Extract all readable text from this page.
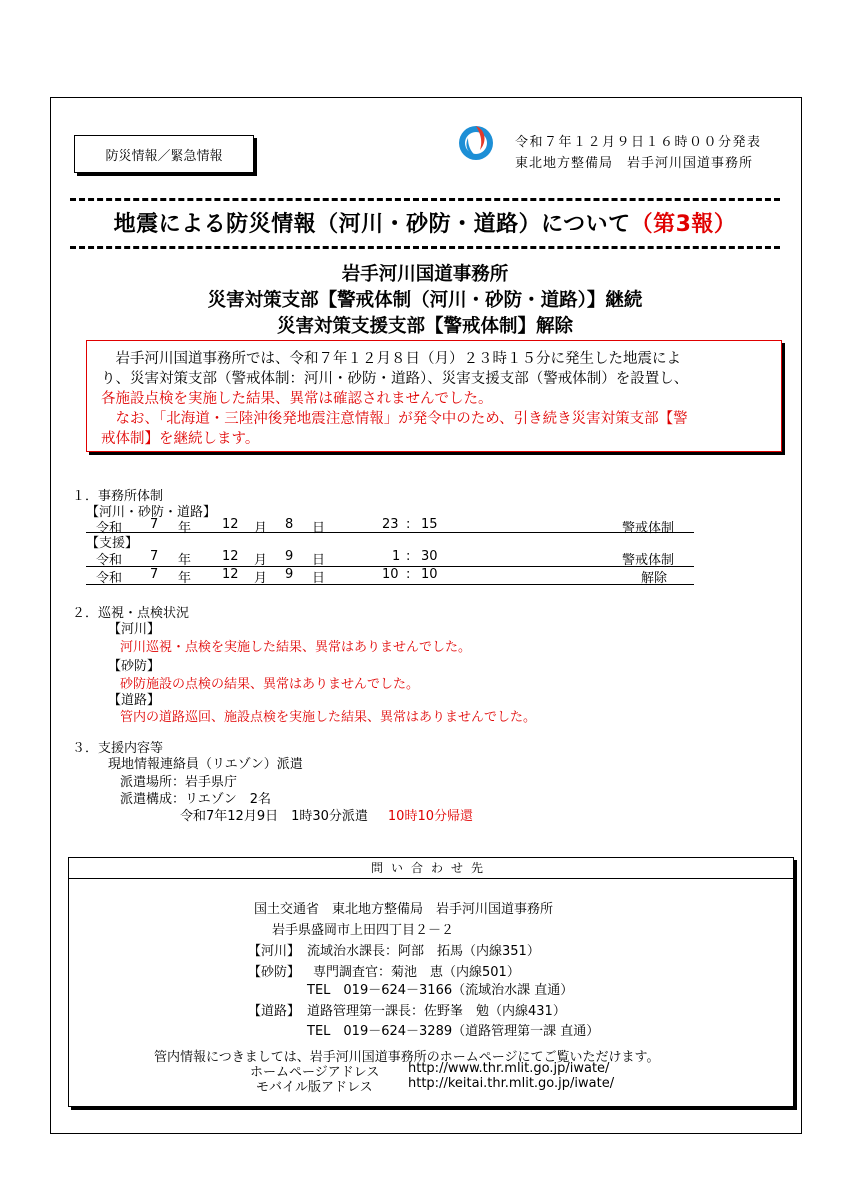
防災情報／緊急情報
令和７年１２月９日１６時００分発表
東北地方整備局　岩手河川国道事務所
地震による防災情報（河川・砂防・道路）について（第3報）
岩手河川国道事務所
災害対策支部【警戒体制（河川・砂防・道路）】継続
災害対策支援支部【警戒体制】解除

　岩手河川国道事務所では、令和７年１２月８日（月）２３時１５分に発生した地震によ

り、災害対策支部（警戒体制：河川・砂防・道路）、災害支援支部（警戒体制）を設置し、

各施設点検を実施した結果、異常は確認されませんでした。

　なお、「北海道・三陸沖後発地震注意情報」が発令中のため、引き続き災害対策支部【警

戒体制】を継続します。

１．事務所体制
【河川・砂防・道路】
令和 7 年 12 月 8 日	23 : 15	警戒体制
【支援】
令和 7 年 12 月 9 日	1 : 30	警戒体制
令和 7 年 12 月 9 日	10 : 10	解除
２．巡視・点検状況
【河川】
河川巡視・点検を実施した結果、異常はありませんでした。
【砂防】
砂防施設の点検の結果、異常はありませんでした。
【道路】
管内の道路巡回、施設点検を実施した結果、異常はありませんでした。
３．支援内容等
現地情報連絡員（リエゾン）派遣
派遣場所：岩手県庁
派遣構成：リエゾン　2名
令和7年12月9日　1時30分派遣 10時10分帰還
問い合わせ先
国土交通省　東北地方整備局　岩手河川国道事務所
岩手県盛岡市上田四丁目２－２
【河川】 流域治水課長：阿部　拓馬（内線351）
【砂防】 専門調査官：菊池　恵（内線501）
TEL　019－624－3166（流域治水課 直通）
【道路】 道路管理第一課長：佐野峯　勉（内線431）
TEL　019－624－3289（道路管理第一課 直通）
管内情報につきましては、岩手河川国道事務所のホームページにてご覧いただけます。
ホームページアドレス http://www.thr.mlit.go.jp/iwate/
モバイル版アドレス	http://keitai.thr.mlit.go.jp/iwate/
